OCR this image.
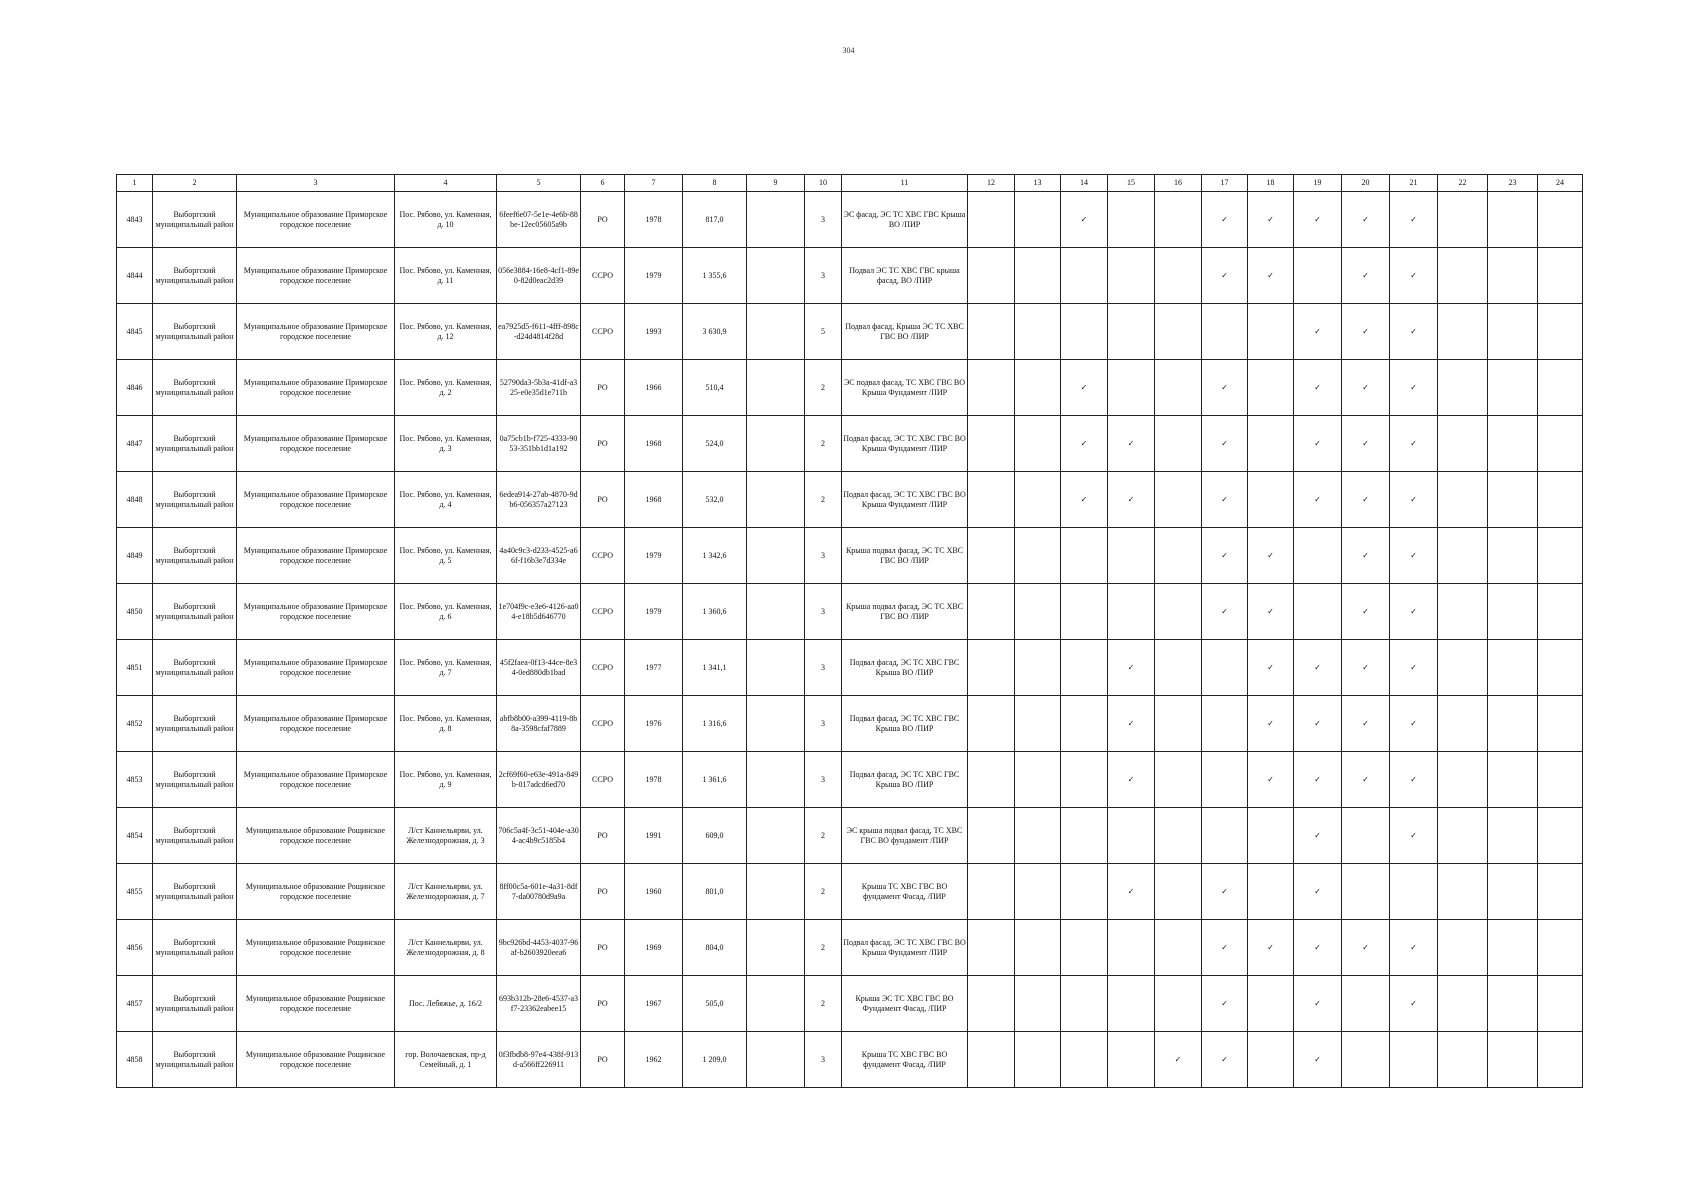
304
1	2	3	4	5	6	7	8	9	10	11	12	13	14	15	16	17	18	19	20	21	22	23	24
4843	Выборгский муниципальный район	Муниципальное образование Приморское городское поселение	Пос. Рябово, ул. Каменная, д. 10	6feef6e07-5e1e-4e6b-88be-12ec05605a9b	РО	1978	817,0		3	ЭС фасад, ЭС ТС ХВС ГВС Крыша ВО /ПИР			✓			✓	✓	✓	✓	✓			
4844	Выборгский муниципальный район	Муниципальное образование Приморское городское поселение	Пос. Рябово, ул. Каменная, д. 11	056e3884-16e8-4cf1-89e0-82d0eac2d39	ССРО	1979	1 355,6		3	Подвал ЭС ТС ХВС ГВС крыша фасад, ВО /ПИР						✓	✓		✓	✓			
4845	Выборгский муниципальный район	Муниципальное образование Приморское городское поселение	Пос. Рябово, ул. Каменная, д. 12	ea7925d5-f611-4fff-898c-d24d4814f28d	ССРО	1993	3 630,9		5	Подвал фасад, Крыша ЭС ТС ХВС ГВС ВО /ПИР								✓	✓	✓			
4846	Выборгский муниципальный район	Муниципальное образование Приморское городское поселение	Пос. Рябово, ул. Каменная, д. 2	52790da3-5b3a-41df-a325-e0e35d1e711b	РО	1966	510,4		2	ЭС подвал фасад, ТС ХВС ГВС ВО Крыша Фундамент /ПИР			✓			✓		✓	✓	✓			
4847	Выборгский муниципальный район	Муниципальное образование Приморское городское поселение	Пос. Рябово, ул. Каменная, д. 3	0a75cb1b-f725-4333-9053-351bb1d1a192	РО	1968	524,0		2	Подвал фасад, ЭС ТС ХВС ГВС ВО Крыша Фундамент /ПИР			✓	✓		✓		✓	✓	✓			
4848	Выборгский муниципальный район	Муниципальное образование Приморское городское поселение	Пос. Рябово, ул. Каменная, д. 4	6edea914-27ab-4870-9db6-056357a27123	РО	1968	532,0		2	Подвал фасад, ЭС ТС ХВС ГВС ВО Крыша Фундамент /ПИР			✓	✓		✓		✓	✓	✓			
4849	Выборгский муниципальный район	Муниципальное образование Приморское городское поселение	Пос. Рябово, ул. Каменная, д. 5	4a40c9c3-d233-4525-a66f-f16b3e7d334e	ССРО	1979	1 342,6		3	Крыша подвал фасад, ЭС ТС ХВС ГВС ВО /ПИР						✓	✓		✓	✓			
4850	Выборгский муниципальный район	Муниципальное образование Приморское городское поселение	Пос. Рябово, ул. Каменная, д. 6	1e704f9c-e3e6-4126-aa04-e18b5d646770	ССРО	1979	1 360,6		3	Крыша подвал фасад, ЭС ТС ХВС ГВС ВО /ПИР						✓	✓		✓	✓			
4851	Выборгский муниципальный район	Муниципальное образование Приморское городское поселение	Пос. Рябово, ул. Каменная, д. 7	45f2faea-0f13-44ce-8e34-0ed880db1bad	ССРО	1977	1 341,1		3	Подвал фасад, ЭС ТС ХВС ГВС Крыша ВО /ПИР				✓			✓	✓	✓	✓			
4852	Выборгский муниципальный район	Муниципальное образование Приморское городское поселение	Пос. Рябово, ул. Каменная, д. 8	abfb8b00-a399-4119-8b8a-3598cfaf7889	ССРО	1976	1 316,6		3	Подвал фасад, ЭС ТС ХВС ГВС Крыша ВО /ПИР				✓			✓	✓	✓	✓			
4853	Выборгский муниципальный район	Муниципальное образование Приморское городское поселение	Пос. Рябово, ул. Каменная, д. 9	2cf69f60-e63e-491a-849b-017adcd6ed70	ССРО	1978	1 361,6		3	Подвал фасад, ЭС ТС ХВС ГВС Крыша ВО /ПИР				✓			✓	✓	✓	✓			
4854	Выборгский муниципальный район	Муниципальное образование Рощинское городское поселение	Л/ст Каннельярви, ул. Железнодорожная, д. 3	706c5a4f-3c51-404e-a304-ac4b9c5185b4	РО	1991	609,0		2	ЭС крыша подвал фасад, ТС ХВС ГВС ВО фундамент /ПИР								✓		✓			
4855	Выборгский муниципальный район	Муниципальное образование Рощинское городское поселение	Л/ст Каннельярви, ул. Железнодорожная, д. 7	8ff00c5a-601e-4a31-8df7-da00780d9a9a	РО	1960	801,0		2	Крыша ТС ХВС ГВС ВО фундамент Фасад, /ПИР				✓		✓		✓					
4856	Выборгский муниципальный район	Муниципальное образование Рощинское городское поселение	Л/ст Каннельярви, ул. Железнодорожная, д. 8	9bc926bd-4453-4037-96af-b2603920eea6	РО	1969	804,0		2	Подвал фасад, ЭС ТС ХВС ГВС ВО Крыша Фундамент /ПИР						✓	✓	✓	✓	✓			
4857	Выборгский муниципальный район	Муниципальное образование Рощинское городское поселение	Пос. Лебяжье, д. 16/2	693b312b-28e6-4537-a3f7-23362eabee15	РО	1967	505,0		2	Крыша ЭС ТС ХВС ГВС ВО Фундамент Фасад, /ПИР						✓		✓		✓			
4858	Выборгский муниципальный район	Муниципальное образование Рощинское городское поселение	гор. Волочаевская, пр-д Семейный, д. 1	0f3fbdb8-97e4-438f-913d-a566ff226911	РО	1962	1 209,0		3	Крыша ТС ХВС ГВС ВО фундамент Фасад, /ПИР					✓	✓		✓					
